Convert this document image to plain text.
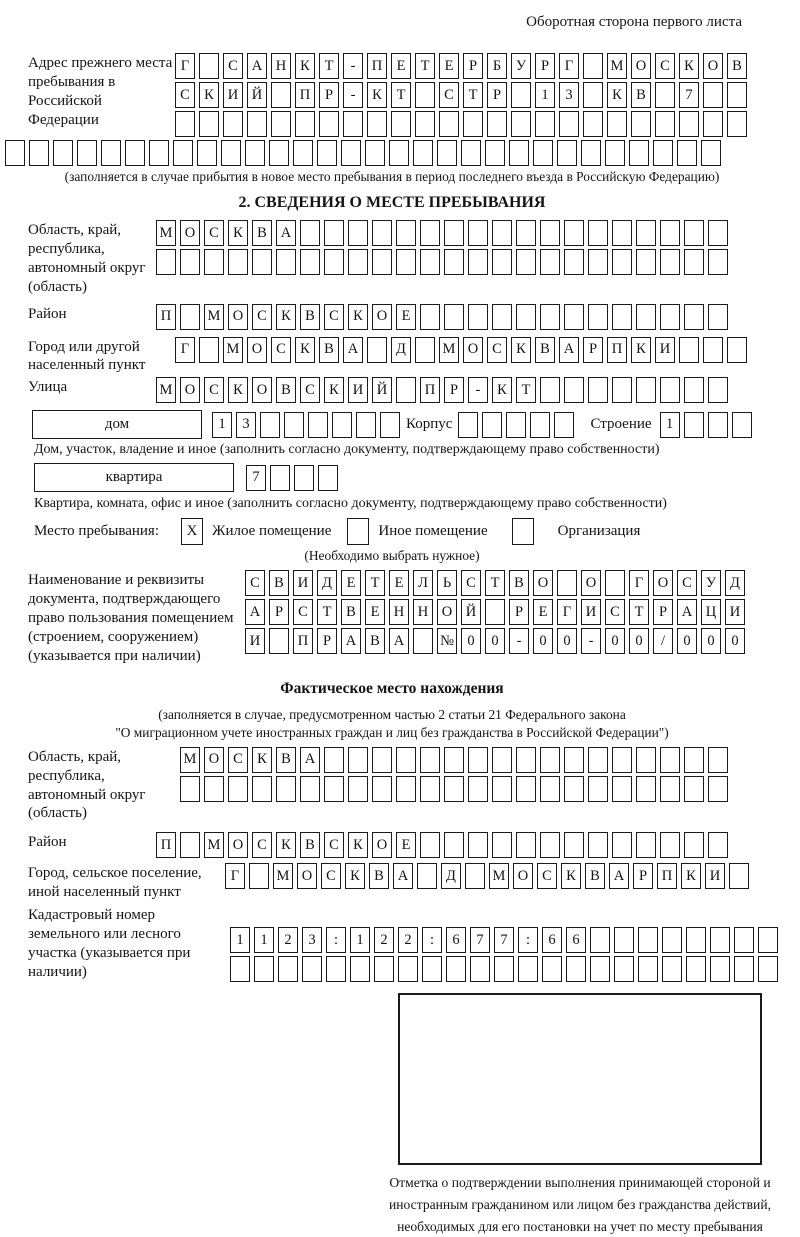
Оборотная сторона первого листа
Адрес прежнего места пребывания в Российской Федерации
Г	С А Н К	Т	-	П Е	Т	Е	Р	Б	У	Р	Г	М О С К О В
С К И Й	П	Р	-	К	Т	С	Т	Р	1	3	К В	7
(заполняется в случае прибытия в новое место пребывания в период последнего въезда в Российскую Федерацию)
2. СВЕДЕНИЯ О МЕСТЕ ПРЕБЫВАНИЯ
Область, край, республика, автономный округ (область)
М О С К В А
Район	П	М О С К В С К О Е
Город или другой населенный пункт
Г	М О С К В А	Д	М О С К В А	Р	П К И
Улица	М О С К О В С К И Й	П	Р	-	К	Т
дом	1	3	Корпус	Строение 1
Дом, участок, владение и иное (заполнить согласно документу, подтверждающему право собственности)
квартира	7
Квартира, комната, офис и иное (заполнить согласно документу, подтверждающему право собственности)
Место пребывания:	X Жилое помещение	Иное помещение	Организация
(Необходимо выбрать нужное)
Наименование и реквизиты документа, подтверждающего право пользования помещением (строением, сооружением) (указывается при наличии)
С В И Д	Е	Т	Е	Л	Ь	С	Т	В О	О	Г	О С У Д
А	Р	С	Т	В	Е Н Н О Й	Р	Е	Г	И С	Т	Р	А Ц И
И	П	Р	А В А	№ 0	0	-	0	0	-	0	0	/	0	0	0
Фактическое место нахождения
(заполняется в случае, предусмотренном частью 2 статьи 21 Федерального закона
"О миграционном учете иностранных граждан и лиц без гражданства в Российской Федерации")
Область, край, республика, автономный округ (область)
М О С К В А
Район	П	М О С К В С К О Е
Город, сельское поселение, иной населенный пункт
Г	М О С К В А	Д	М О С К В А	Р	П К И
Кадастровый номер земельного или лесного участка (указывается при наличии)
1	1	2	3	:	1	2	2	:	6	7	7	:	6	6
Отметка о подтверждении выполнения принимающей стороной и иностранным гражданином или лицом без гражданства действий, необходимых для его постановки на учет по месту пребывания
